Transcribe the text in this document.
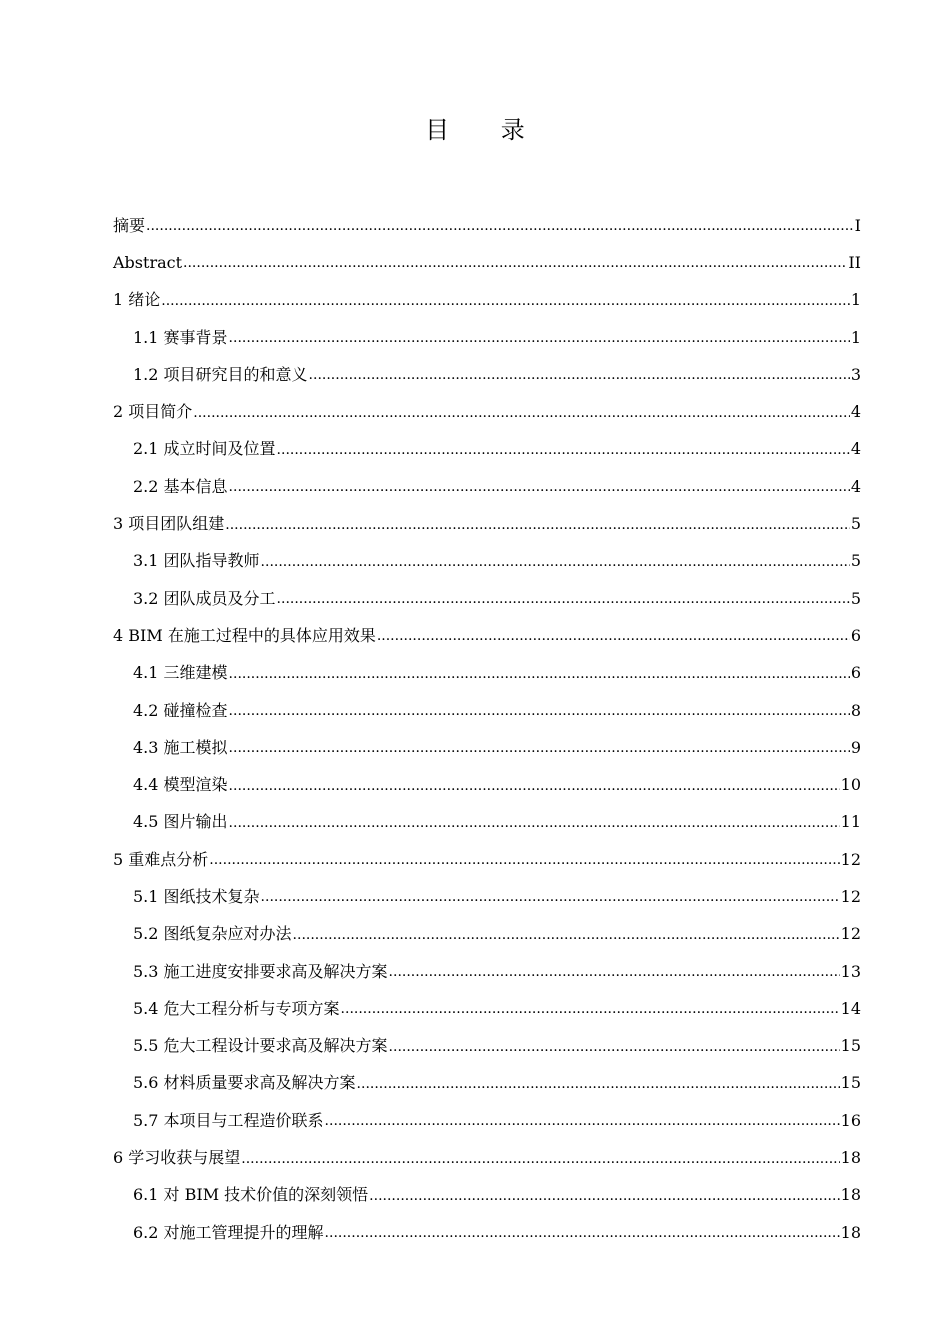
目 录
摘要 .....	I
Abstract .....	II
1 绪论 .....	1
1.1 赛事背景 .....	1
1.2 项目研究目的和意义 .....	3
2 项目简介 .....	4
2.1 成立时间及位置 .....	4
2.2 基本信息 .....	4
3 项目团队组建 .....	5
3.1 团队指导教师 .....	5
3.2 团队成员及分工 .....	5
4 BIM 在施工过程中的具体应用效果 .....	6
4.1 三维建模 .....	6
4.2 碰撞检查 .....	8
4.3 施工模拟 .....	9
4.4 模型渲染 .....	10
4.5 图片输出 .....	11
5 重难点分析 .....	12
5.1 图纸技术复杂 .....	12
5.2 图纸复杂应对办法 .....	12
5.3 施工进度安排要求高及解决方案 .....	13
5.4 危大工程分析与专项方案 .....	14
5.5 危大工程设计要求高及解决方案 .....	15
5.6 材料质量要求高及解决方案 .....	15
5.7 本项目与工程造价联系 .....	16
6 学习收获与展望 .....	18
6.1 对 BIM 技术价值的深刻领悟 .....	18
6.2 对施工管理提升的理解 .....	18
